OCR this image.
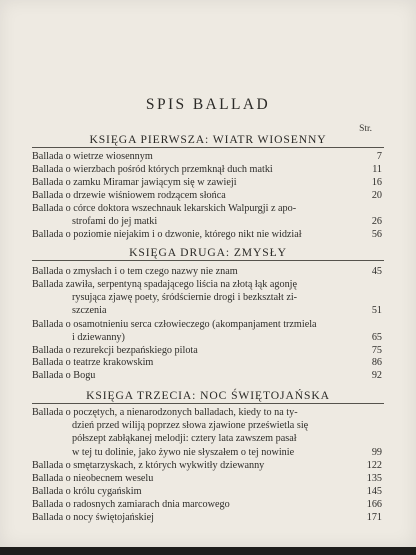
SPIS BALLAD
Str.
KSIĘGA PIERWSZA: WIATR WIOSENNY
Ballada o wietrze wiosennym	7
Ballada o wierzbach pośród których przemknął duch matki	11
Ballada o zamku Miramar jawiącym się w zawieji	16
Ballada o drzewie wiśniowem rodzącem słońca	20
Ballada o córce doktora wszechnauk lekarskich Walpurgji z apo-
strofami do jej matki	26
Ballada o poziomie niejakim i o dzwonie, którego nikt nie widział	56
KSIĘGA DRUGA: ZMYSŁY
Ballada o zmysłach i o tem czego nazwy nie znam	45
Ballada zawiła, serpentyną spadającego liścia na złotą łąk agonję
rysująca zjawę poety, śródściernie drogi i bezkształt zi-
szczenia	51
Ballada o osamotnieniu serca człowieczego (akompanjament trzmiela
i dziewanny)	65
Ballada o rezurekcji bezpańskiego pilota	75
Ballada o teatrze krakowskim	86
Ballada o Bogu	92
KSIĘGA TRZECIA: NOC ŚWIĘTOJAŃSKA
Ballada o poczętych, a nienarodzonych balladach, kiedy to na ty-
dzień przed wiliją poprzez słowa zjawione prześwietla się
półszept zabłąkanej melodji: cztery lata zawszem pasał
w tej tu dolinie, jako żywo nie słyszałem o tej nowinie	99
Ballada o smętarzyskach, z których wykwitły dziewanny	122
Ballada o nieobecnem weselu	135
Ballada o królu cygańskim	145
Ballada o radosnych zamiarach dnia marcowego	166
Ballada o nocy świętojańskiej	171
